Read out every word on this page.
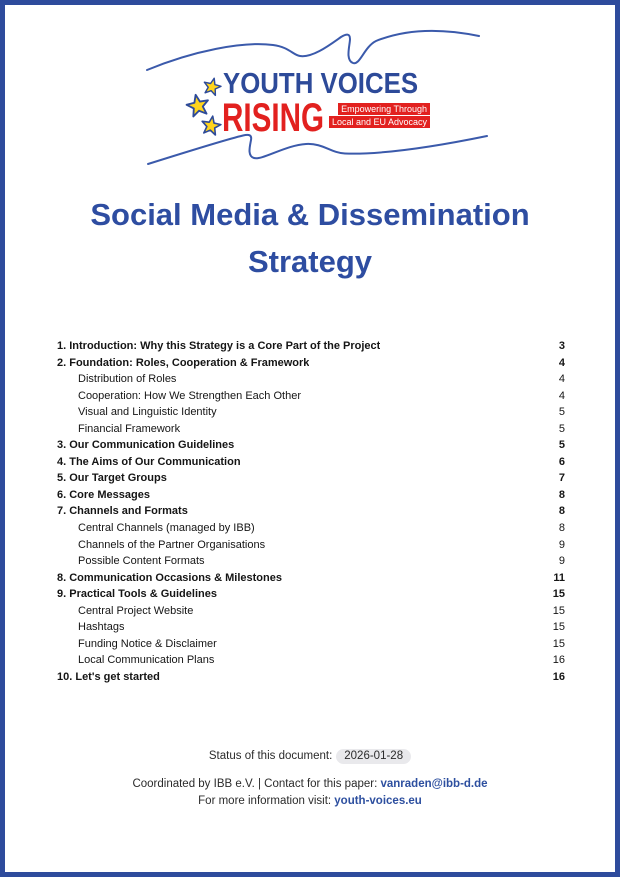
YOUTH VOICES
RISING	Empowering Through
Local and EU Advocacy
Social Media & Dissemination
Strategy
1. Introduction: Why this Strategy is a Core Part of the Project	3
2. Foundation: Roles, Cooperation & Framework	4
Distribution of Roles	4
Cooperation: How We Strengthen Each Other	4
Visual and Linguistic Identity	5
Financial Framework	5
3. Our Communication Guidelines	5
4. The Aims of Our Communication	6
5. Our Target Groups	7
6. Core Messages	8
7. Channels and Formats	8
Central Channels (managed by IBB)	8
Channels of the Partner Organisations	9
Possible Content Formats	9
8. Communication Occasions & Milestones	11
9. Practical Tools & Guidelines	15
Central Project Website	15
Hashtags	15
Funding Notice & Disclaimer	15
Local Communication Plans	16
10. Let's get started	16
Status of this document: 2026-01-28
Coordinated by IBB e.V. | Contact for this paper: vanraden@ibb-d.de
For more information visit: youth-voices.eu
